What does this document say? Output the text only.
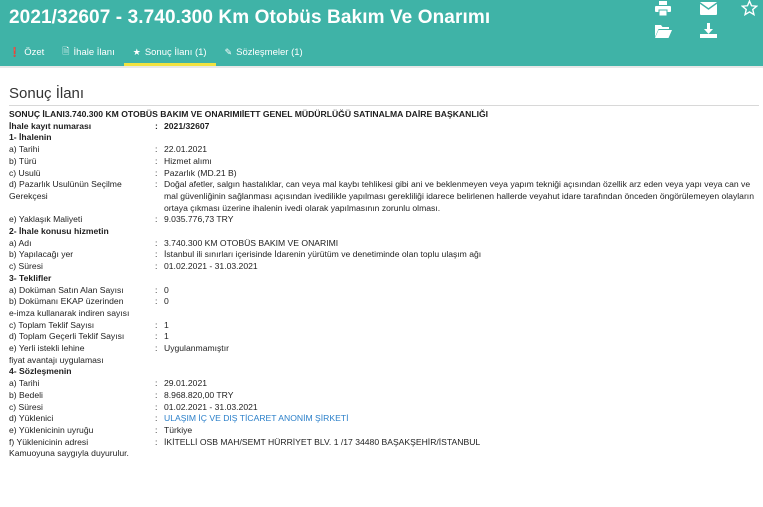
2021/32607 - 3.740.300 Km Otobüs Bakım Ve Onarımı
❗ Özet 🗎 İhale İlanı ★ Sonuç İlanı (1) ✎ Sözleşmeler (1)
Sonuç İlanı
SONUÇ İLANI3.740.300 KM OTOBÜS BAKIM VE ONARIMIİETT GENEL MÜDÜRLÜĞÜ SATINALMA DAİRE BAŞKANLIĞI
İhale kayıt numarası	: 2021/32607
1- İhalenin
a) Tarihi	: 22.01.2021
b) Türü	: Hizmet alımı
c) Usulü	: Pazarlık (MD.21 B)
d) Pazarlık Usulünün Seçilme
Gerekçesi
: Doğal afetler, salgın hastalıklar, can veya mal kaybı tehlikesi gibi ani ve beklenmeyen veya yapım tekniği açısından özellik arz eden veya yapı veya can ve mal güvenliğinin sağlanması açısından ivedilikle yapılması gerekliliği idarece belirlenen hallerde veyahut idare tarafından önceden öngörülemeyen olayların ortaya çıkması üzerine ihalenin ivedi olarak yapılmasının zorunlu olması.
e) Yaklaşık Maliyeti	: 9.035.776,73 TRY
2- İhale konusu hizmetin
a) Adı	: 3.740.300 KM OTOBÜS BAKIM VE ONARIMI
b) Yapılacağı yer	: İstanbul ili sınırları içerisinde İdarenin yürütüm ve denetiminde olan toplu ulaşım ağı
c) Süresi	: 01.02.2021 - 31.03.2021
3- Teklifler
a) Doküman Satın Alan Sayısı	: 0
b) Dokümanı EKAP üzerinden
e-imza kullanarak indiren sayısı
: 0
c) Toplam Teklif Sayısı	: 1
d) Toplam Geçerli Teklif Sayısı	: 1
e) Yerli istekli lehine
fiyat avantajı uygulaması
: Uygulanmamıştır
4- Sözleşmenin
a) Tarihi	: 29.01.2021
b) Bedeli	: 8.968.820,00 TRY
c) Süresi	: 01.02.2021 - 31.03.2021
d) Yüklenici	: ULAŞIM İÇ VE DIŞ TİCARET ANONİM ŞİRKETİ
e) Yüklenicinin uyruğu	: Türkiye
f) Yüklenicinin adresi	: İKİTELLİ OSB MAH/SEMT HÜRRİYET BLV. 1 /17 34480 BAŞAKŞEHİR/İSTANBUL
Kamuoyuna saygıyla duyurulur.
